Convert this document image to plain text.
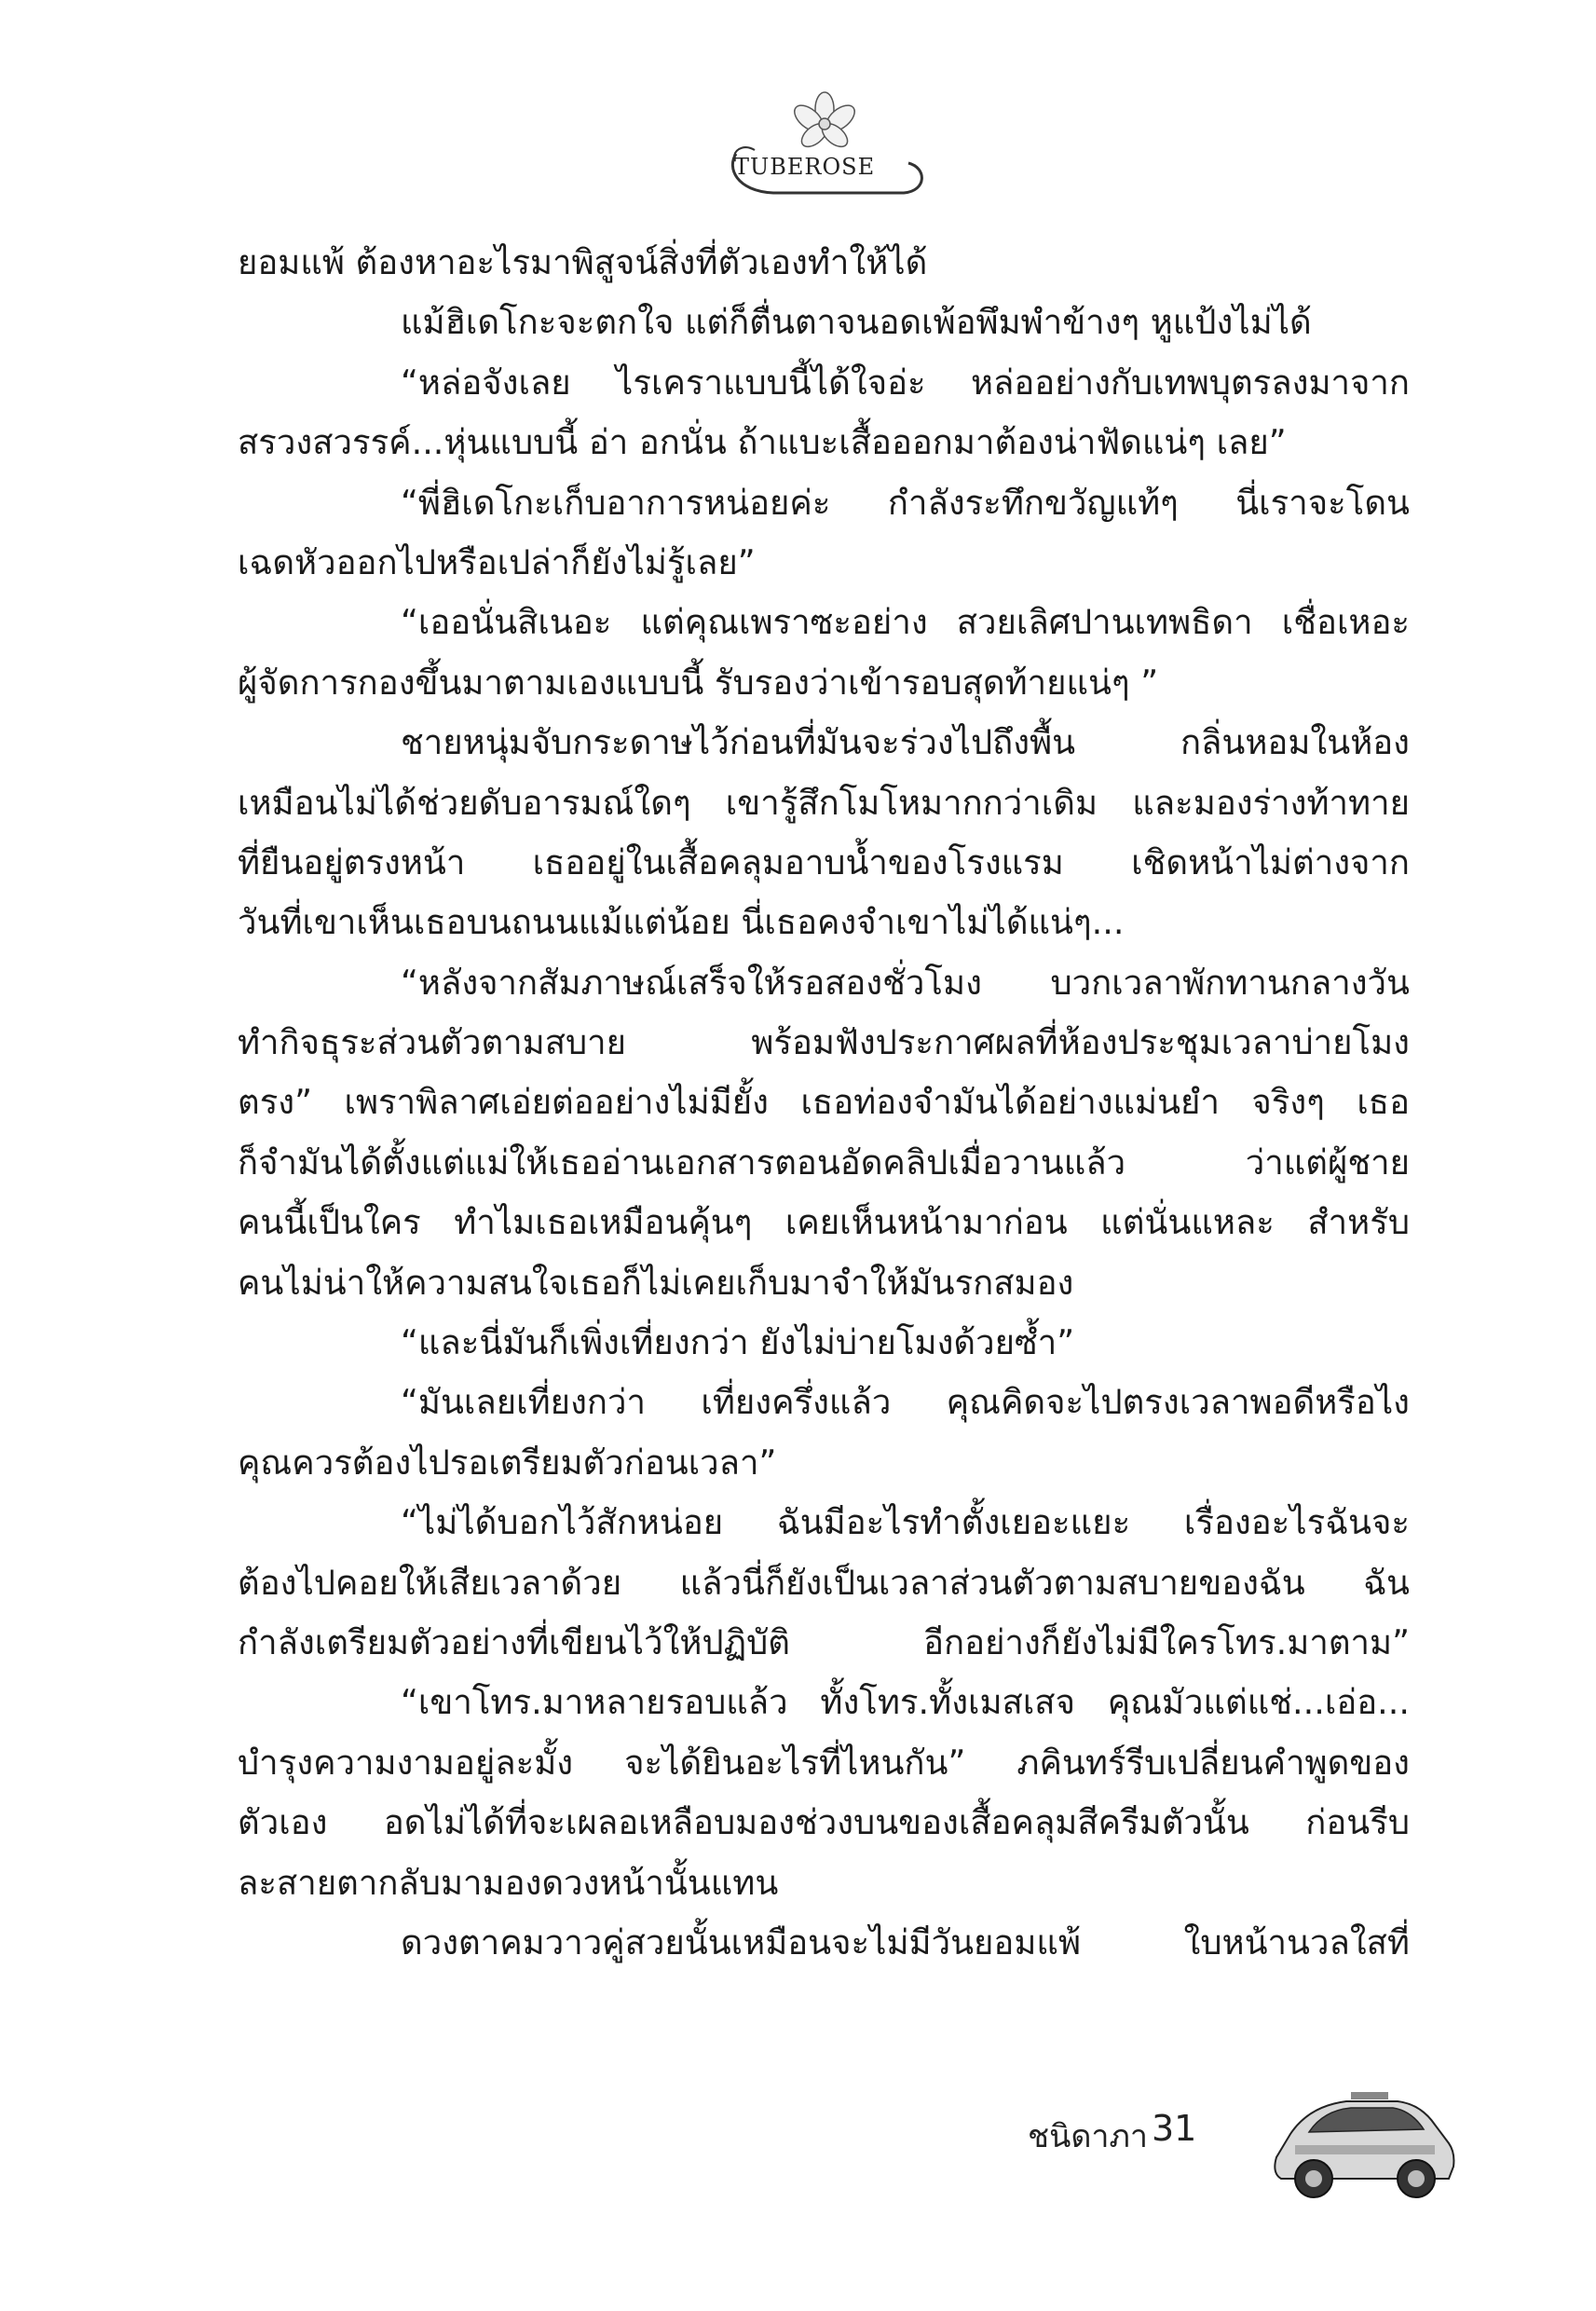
TUBEROSE
ยอมแพ้ ต้องหาอะไรมาพิสูจน์สิ่งที่ตัวเองทำให้ได้
แม้ฮิเดโกะจะตกใจ แต่ก็ตื่นตาจนอดเพ้อพึมพำข้างๆ หูแป้งไม่ได้
“หล่อจังเลย ไรเคราแบบนี้ได้ใจอ่ะ หล่ออย่างกับเทพบุตรลงมาจาก
สรวงสวรรค์...หุ่นแบบนี้ อ่า อกนั่น ถ้าแบะเสื้อออกมาต้องน่าฟัดแน่ๆ เลย”
“พี่ฮิเดโกะเก็บอาการหน่อยค่ะ กำลังระทึกขวัญแท้ๆ นี่เราจะโดน
เฉดหัวออกไปหรือเปล่าก็ยังไม่รู้เลย”
“เออนั่นสิเนอะ แต่คุณเพราซะอย่าง สวยเลิศปานเทพธิดา เชื่อเหอะ
ผู้จัดการกองขึ้นมาตามเองแบบนี้ รับรองว่าเข้ารอบสุดท้ายแน่ๆ ”
ชายหนุ่มจับกระดาษไว้ก่อนที่มันจะร่วงไปถึงพื้น กลิ่นหอมในห้อง
เหมือนไม่ได้ช่วยดับอารมณ์ใดๆ เขารู้สึกโมโหมากกว่าเดิม และมองร่างท้าทาย
ที่ยืนอยู่ตรงหน้า เธออยู่ในเสื้อคลุมอาบน้ำของโรงแรม เชิดหน้าไม่ต่างจาก
วันที่เขาเห็นเธอบนถนนแม้แต่น้อย นี่เธอคงจำเขาไม่ได้แน่ๆ...
“หลังจากสัมภาษณ์เสร็จให้รอสองชั่วโมง บวกเวลาพักทานกลางวัน
ทำกิจธุระส่วนตัวตามสบาย พร้อมฟังประกาศผลที่ห้องประชุมเวลาบ่ายโมง
ตรง” เพราพิลาศเอ่ยต่ออย่างไม่มียั้ง เธอท่องจำมันได้อย่างแม่นยำ จริงๆ เธอ
ก็จำมันได้ตั้งแต่แม่ให้เธออ่านเอกสารตอนอัดคลิปเมื่อวานแล้ว ว่าแต่ผู้ชาย
คนนี้เป็นใคร ทำไมเธอเหมือนคุ้นๆ เคยเห็นหน้ามาก่อน แต่นั่นแหละ สำหรับ
คนไม่น่าให้ความสนใจเธอก็ไม่เคยเก็บมาจำให้มันรกสมอง
“และนี่มันก็เพิ่งเที่ยงกว่า ยังไม่บ่ายโมงด้วยซ้ำ”
“มันเลยเที่ยงกว่า เที่ยงครึ่งแล้ว คุณคิดจะไปตรงเวลาพอดีหรือไง
คุณควรต้องไปรอเตรียมตัวก่อนเวลา”
“ไม่ได้บอกไว้สักหน่อย ฉันมีอะไรทำตั้งเยอะแยะ เรื่องอะไรฉันจะ
ต้องไปคอยให้เสียเวลาด้วย แล้วนี่ก็ยังเป็นเวลาส่วนตัวตามสบายของฉัน ฉัน
กำลังเตรียมตัวอย่างที่เขียนไว้ให้ปฏิบัติ อีกอย่างก็ยังไม่มีใครโทร.มาตาม”
“เขาโทร.มาหลายรอบแล้ว ทั้งโทร.ทั้งเมสเสจ คุณมัวแต่แช่...เอ่อ...
บำรุงความงามอยู่ละมั้ง จะได้ยินอะไรที่ไหนกัน” ภคินทร์รีบเปลี่ยนคำพูดของ
ตัวเอง อดไม่ได้ที่จะเผลอเหลือบมองช่วงบนของเสื้อคลุมสีครีมตัวนั้น ก่อนรีบ
ละสายตากลับมามองดวงหน้านั้นแทน
ดวงตาคมวาวคู่สวยนั้นเหมือนจะไม่มีวันยอมแพ้ ใบหน้านวลใสที่
ชนิดาภา 31
